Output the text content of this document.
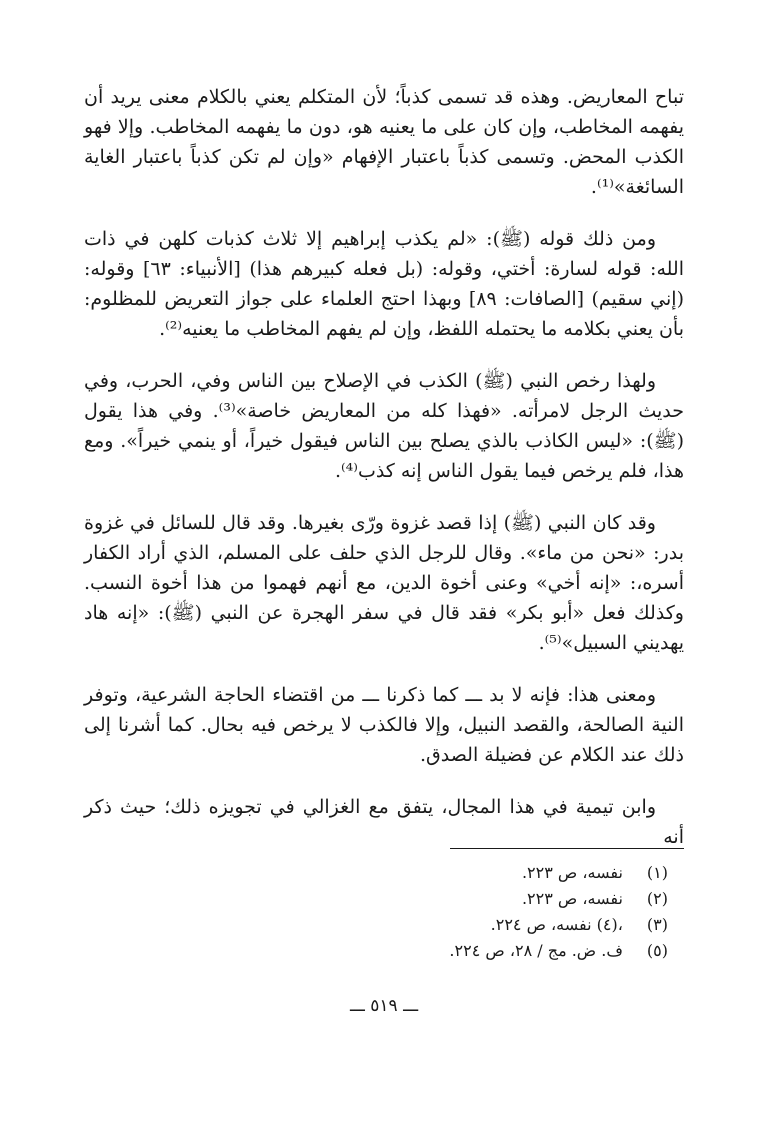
تباح المعاريض. وهذه قد تسمى كذباً؛ لأن المتكلم يعني بالكلام معنى يريد أن يفهمه المخاطب، وإن كان على ما يعنيه هو، دون ما يفهمه المخاطب. وإلا فهو الكذب المحض. وتسمى كذباً باعتبار الإفهام «وإن لم تكن كذباً باعتبار الغاية السائغة»⁽¹⁾.

ومن ذلك قوله (ﷺ): «لم يكذب إبراهيم إلا ثلاث كذبات كلهن في ذات الله: قوله لسارة: أختي، وقوله: (بل فعله كبيرهم هذا) [الأنبياء: ٦٣] وقوله: (إني سقيم) [الصافات: ٨٩] وبهذا احتج العلماء على جواز التعريض للمظلوم: بأن يعني بكلامه ما يحتمله اللفظ، وإن لم يفهم المخاطب ما يعنيه⁽²⁾.

ولهذا رخص النبي (ﷺ) الكذب في الإصلاح بين الناس وفي، الحرب، وفي حديث الرجل لامرأته. «فهذا كله من المعاريض خاصة»⁽³⁾. وفي هذا يقول (ﷺ): «ليس الكاذب بالذي يصلح بين الناس فيقول خيراً، أو ينمي خيراً». ومع هذا، فلم يرخص فيما يقول الناس إنه كذب⁽⁴⁾.

وقد كان النبي (ﷺ) إذا قصد غزوة ورّى بغيرها. وقد قال للسائل في غزوة بدر: «نحن من ماء». وقال للرجل الذي حلف على المسلم، الذي أراد الكفار أسره،: «إنه أخي» وعنى أخوة الدين، مع أنهم فهموا من هذا أخوة النسب. وكذلك فعل «أبو بكر» فقد قال في سفر الهجرة عن النبي (ﷺ): «إنه هاد يهديني السبيل»⁽⁵⁾.

ومعنى هذا: فإنه لا بد ـــ كما ذكرنا ـــ من اقتضاء الحاجة الشرعية، وتوفر النية الصالحة، والقصد النبيل، وإلا فالكذب لا يرخص فيه بحال. كما أشرنا إلى ذلك عند الكلام عن فضيلة الصدق.

وابن تيمية في هذا المجال، يتفق مع الغزالي في تجويزه ذلك؛ حيث ذكر أنه

(١) نفسه، ص ٢٢٣.
(٢) نفسه، ص ٢٢٣.
(٣) ،(٤) نفسه، ص ٢٢٤.
(٥) ف. ض. مج / ٢٨، ص ٢٢٤.
ـــ ٥١٩ ـــ
